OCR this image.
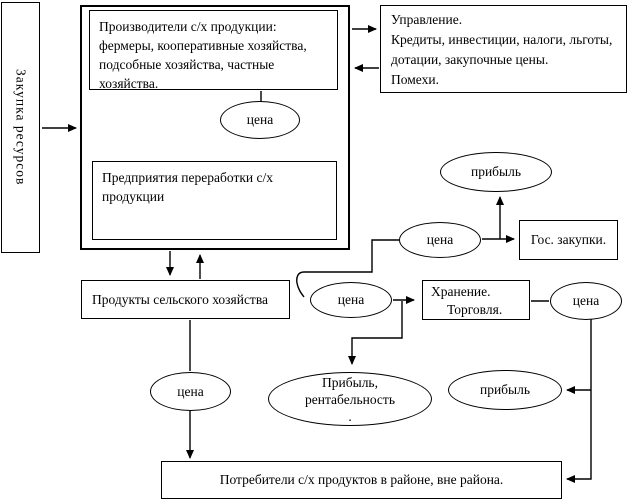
Закупка ресурсов
Производители с/х продукции: фермеры, кооперативные хозяйства, подсобные хозяйства, частные хозяйства.
цена
Предприятия переработки с/х продукции
Управление.
Кредиты, инвестиции, налоги, льготы,
дотации, закупочные цены.
Помехи.
прибыль
цена	Гос. закупки.
Продукты сельского хозяйства	цена
Хранение.
Торговля.
цена
цена
Прибыль,
рентабельность
.
прибыль
Потребители с/х продуктов в районе, вне района.
